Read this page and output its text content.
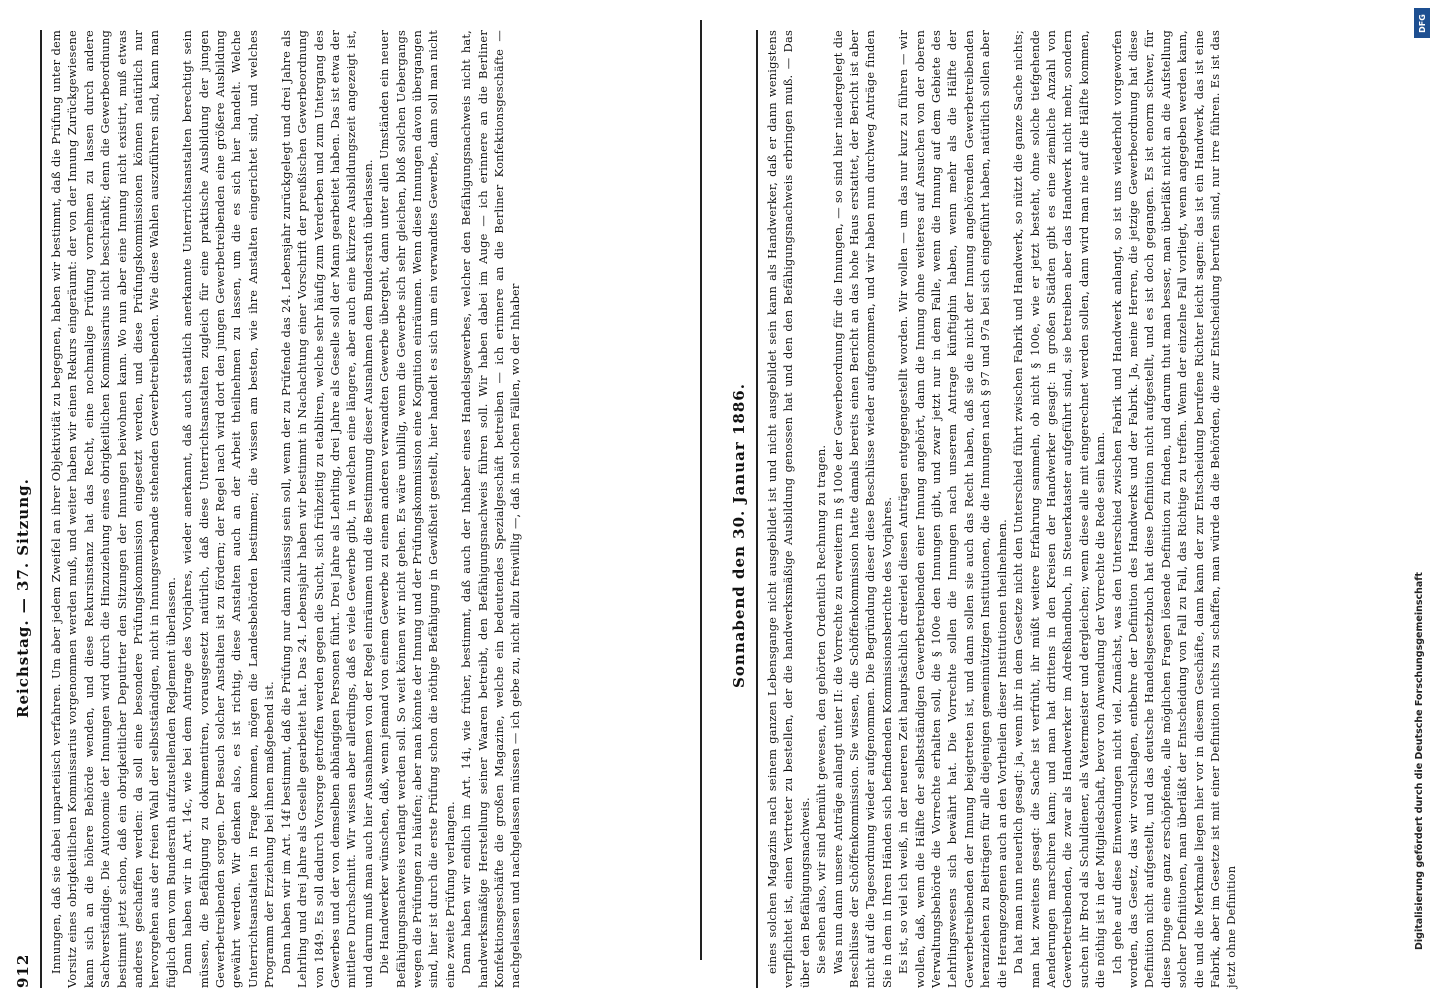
912
Reichstag. — 37. Sitzung. Innungen, daß sie dabei unparteiisch verfahren. Um aber jedem Zweifel an ihrer Objektivität zu begegnen, haben wir bestimmt, daß die Prüfung unter dem Vorsitz eines obrigkeitlichen Kommissarius vorgenommen werden muß, und weiter haben wir einen Rekurs eingeräumt: der von der Innung Zurückgewiesene kann sich an die höhere Behörde wenden, und diese Rekursinstanz hat das Recht, eine nochmalige Prüfung vornehmen zu lassen durch andere Sachverständige. Die Autonomie der Innungen wird durch die Hinzuziehung eines obrigkeitlichen Kommissarius nicht beschränkt; denn die Gewerbeordnung bestimmt jetzt schon, daß ein obrigkeitlicher Deputirter den Sitzungen der Innungen beiwohnen kann. Wo nun aber eine Innung nicht existirt, muß etwas anderes geschaffen werden: da soll eine besondere Prüfungskommission eingesetzt werden, und diese Prüfungskommissionen können natürlich nur hervorgehen aus der freien Wahl der selbstständigen, nicht in Innungsverbande stehenden Gewerbetreibenden. Wie diese Wahlen auszuführen sind, kann man füglich dem vom Bundesrath aufzustellenden Reglement überlassen. Dann haben wir in Art. 14c, wie bei dem Antrage des Vorjahres, wieder anerkannt, daß auch staatlich anerkannte Unterrichtsanstalten berechtigt sein müssen, die Befähigung zu dokumentiren, vorausgesetzt natürlich, daß diese Unterrichtsanstalten zugleich für eine praktische Ausbildung der jungen Gewerbetreibenden sorgen. Der Besuch solcher Anstalten ist zu fördern; der Regel nach wird dort den jungen Gewerbetreibenden eine größere Ausbildung gewährt werden. Wir denken also, es ist richtig, diese Anstalten auch an der Arbeit theilnehmen zu lassen, um die es sich hier handelt. Welche Unterrichtsanstalten in Frage kommen, mögen die Landesbehörden bestimmen; die wissen am besten, wie ihre Anstalten eingerichtet sind, und welches Programm der Erziehung bei ihnen maßgebend ist. Dann haben wir im Art. 14f bestimmt, daß die Prüfung nur dann zulässig sein soll, wenn der zu Prüfende das 24. Lebensjahr zurückgelegt und drei Jahre als Lehrling und drei Jahre als Geselle gearbeitet hat. Das 24. Lebensjahr haben wir bestimmt in Nachachtung einer Vorschrift der preußischen Gewerbeordnung von 1849. Es soll dadurch Vorsorge getroffen werden gegen die Sucht, sich frühzeitig zu etabliren, welche sehr häufig zum Verderben und zum Untergang des Gewerbes und der von demselben abhängigen Personen führt. Drei Jahre als Lehrling, drei Jahre als Geselle soll der Mann gearbeitet haben. Das ist etwa der mittlere Durchschnitt. Wir wissen aber allerdings, daß es viele Gewerbe gibt, in welchen eine längere, aber auch eine kürzere Ausbildungszeit angezeigt ist, und darum muß man auch hier Ausnahmen von der Regel einräumen und die Bestimmung dieser Ausnahmen dem Bundesrath überlassen. Die Handwerker wünschen, daß, wenn jemand von einem Gewerbe zu einem anderen verwandten Gewerbe übergeht, dann unter allen Umständen ein neuer Befähigungsnachweis verlangt werden soll. So weit können wir nicht gehen. Es wäre unbillig, wenn die Gewerbe sich sehr gleichen, bloß solchen Uebergangs wegen die Prüfungen zu häufen; aber man könnte der Innung und der Prüfungskommission eine Kognition einräumen. Wenn diese Innungen davon übergangen sind, hier ist durch die erste Prüfung schon die nöthige Befähigung in Gewißheit gestellt, hier handelt es sich um ein verwandtes Gewerbe, dann soll man nicht eine zweite Prüfung verlangen. Dann haben wir endlich im Art. 14i, wie früher, bestimmt, daß auch der Inhaber eines Handelsgewerbes, welcher den Befähigungsnachweis nicht hat, handwerksmäßige Herstellung seiner Waaren betreibt, den Befähigungsnachweis führen soll. Wir haben dabei im Auge — ich erinnere an die Berliner Konfektionsgeschäfte die großen Magazine, welche ein bedeutendes Spezialgeschäft betreiben — ich erinnere an die Berliner Konfektionsgeschäfte — nachgelassen und nachgelassen müssen — ich gebe zu, nicht allzu freiwillig —, daß in solchen Fällen, wo der Inhaber	Sonnabend den 30. Januar 1886. eines solchen Magazins nach seinem ganzen Lebensgange nicht ausgebildet ist und nicht ausgebildet sein kann als Handwerker, daß er dann wenigstens verpflichtet ist, einen Vertreter zu bestellen, der die handwerksmäßige Ausbildung genossen hat und den den Befähigungsnachweis erbringen muß. — Das über den Befähigungsnachweis. Sie sehen also, wir sind bemüht gewesen, den gehörten Ordentlich Rechnung zu tragen. Was nun dann unsere Anträge anlangt unter II: die Vorrechte zu erweitern in § 100e der Gewerbeordnung für die Innungen, — so sind hier niedergelegt die Beschlüsse der Schöffenkommission. Sie wissen, die Schöffenkommission hatte damals bereits einen Bericht an das hohe Haus erstattet, der Bericht ist aber nicht auf die Tagesordnung wieder aufgenommen. Die Begründung dieser diese Beschlüsse wieder aufgenommen, und wir haben nun durchweg Anträge finden Sie in dem in Ihren Händen sich befindenden Kommissionsberichte des Vorjahres. Es ist, so viel ich weiß, in der neueren Zeit hauptsächlich dreierlei diesen Anträgen entgegengestellt worden. Wir wollen — um das nur kurz zu führen — wir wollen, daß, wenn die Hälfte der selbstständigen Gewerbetreibenden einer Innung angehört, dann die Innung ohne weiteres auf Ansuchen von der oberen Verwaltungsbehörde die Vorrechte erhalten soll, die § 100e den Innungen gibt, und zwar jetzt nur in dem Falle, wenn die Innung auf dem Gebiete des Lehrlingswesens sich bewährt hat. Die Vorrechte sollen die Innungen nach unserem Antrage künftighin haben, wenn mehr als die Hälfte der Gewerbetreibenden der Innung beigetreten ist, und dann sollen sie auch das Recht haben, daß sie die nicht der Innung angehörenden Gewerbetreibenden heranziehen zu Beiträgen für alle diejenigen gemeinnützigen Institutionen, die die Innungen nach § 97 und 97a bei sich eingeführt haben, natürlich sollen aber die Herangezogenen auch an den Vortheilen dieser Institutionen theilnehmen. Da hat man nun neuerlich gesagt: ja, wenn ihr in dem Gesetze nicht den Unterschied führt zwischen Fabrik und Handwerk, so nützt die ganze Sache nichts; man hat zweitens gesagt: die Sache ist verfrüht, ihr müßt weitere Erfahrung sammeln, ob nicht § 100e, wie er jetzt besteht, ohne solche tiefgehende Aenderungen marschiren kann; und man hat drittens in den Kreisen der Handwerker gesagt: in großen Städten gibt es eine ziemliche Anzahl von Gewerbetreibenden, die zwar als Handwerker im Adreßhandbuch, in Steuerkataster aufgeführt sind, sie betreiben aber das Handwerk nicht mehr, sondern suchen ihr Brod als Schuldiener, als Vatermeister und dergleichen; wenn diese alle mit eingerechnet werden sollen, dann wird man nie auf die Hälfte kommen, die nöthig ist in der Mitgliedschaft, bevor von Anwendung der Vorrechte die Rede sein kann. Ich gehe auf diese Einwendungen nicht viel. Zunächst, was den Unterschied zwischen Fabrik und Handwerk anlangt, so ist uns wiederholt vorgeworfen worden, das Gesetz, das wir vorschlagen, entbehre der Definition des Handwerks und der Fabrik. Ja, meine Herren, die jetzige Gewerbeordnung hat diese Definition nicht aufgestellt, und das deutsche Handelsgesetzbuch hat diese Definition nicht aufgestellt, und es ist doch gegangen. Es ist enorm schwer, für diese Dinge eine ganz erschöpfende, alle möglichen Fragen lösende Definition zu finden, und darum thut man besser, man überläßt nicht an die Aufstellung solcher Definitionen, man überläßt der Entscheidung von Fall zu Fall, das Richtige zu treffen. Wenn der einzelne Fall vorliegt, wenn angegeben werden kann, die und die Merkmale liegen hier vor in diesem Geschäfte, dann kann der zur Entscheidung berufene Richter leicht sagen: das ist ein Handwerk, das ist eine Fabrik, aber im Gesetze ist mit einer Definition nichts zu schaffen, man würde da die Behörden, die zur Entscheidung berufen sind, nur irre führen. Es ist das jetzt ohne Definition	Digitalisierung gefördert durch die Deutsche Forschungsgemeinschaft
DFG
